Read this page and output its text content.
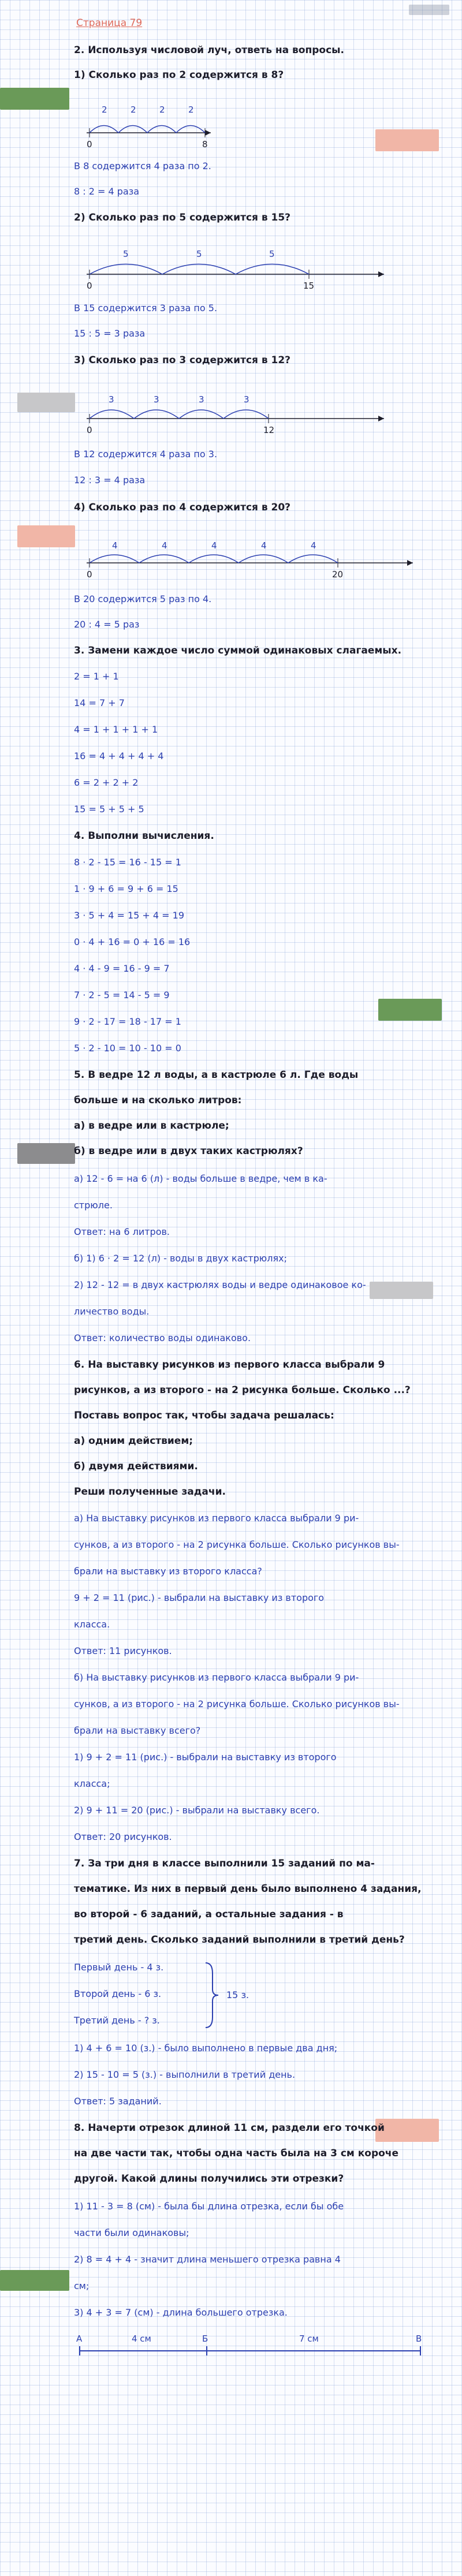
Страница 79
2. Используя числовой луч, ответь на вопросы.
1) Сколько раз по 2 содержится в 8?
2	2	2	2
0	8
В 8 содержится 4 раза по 2.
8 : 2 = 4 раза
2) Сколько раз по 5 содержится в 15?
5	5	5
0	15
В 15 содержится 3 раза по 5.
15 : 5 = 3 раза
3) Сколько раз по 3 содержится в 12?
3	3	3	3
0	12
В 12 содержится 4 раза по 3.
12 : 3 = 4 раза
4) Сколько раз по 4 содержится в 20?
4	4	4	4	4
0	20
В 20 содержится 5 раз по 4.
20 : 4 = 5 раз
3. Замени каждое число суммой одинаковых слагаемых.
2 = 1 + 1
14 = 7 + 7
4 = 1 + 1 + 1 + 1
16 = 4 + 4 + 4 + 4
6 = 2 + 2 + 2
15 = 5 + 5 + 5
4. Выполни вычисления.
8 · 2 - 15 = 16 - 15 = 1
1 · 9 + 6 = 9 + 6 = 15
3 · 5 + 4 = 15 + 4 = 19
0 · 4 + 16 = 0 + 16 = 16
4 · 4 - 9 = 16 - 9 = 7
7 · 2 - 5 = 14 - 5 = 9
9 · 2 - 17 = 18 - 17 = 1
5 · 2 - 10 = 10 - 10 = 0
5. В ведре 12 л воды, а в кастрюле 6 л. Где воды
больше и на сколько литров:
а) в ведре или в кастрюле;
б) в ведре или в двух таких кастрюлях?
а) 12 - 6 = на 6 (л) - воды больше в ведре, чем в ка-
стрюле.
Ответ: на 6 литров.
б) 1) 6 · 2 = 12 (л) - воды в двух кастрюлях;
2) 12 - 12 = в двух кастрюлях воды и ведре одинаковое ко-
личество воды.
Ответ: количество воды одинаково.
6. На выставку рисунков из первого класса выбрали 9
рисунков, а из второго - на 2 рисунка больше. Сколько ...?
Поставь вопрос так, чтобы задача решалась:
а) одним действием;
б) двумя действиями.
Реши полученные задачи.
а) На выставку рисунков из первого класса выбрали 9 ри-
сунков, а из второго - на 2 рисунка больше. Сколько рисунков вы-
брали на выставку из второго класса?
9 + 2 = 11 (рис.) - выбрали на выставку из второго
класса.
Ответ: 11 рисунков.
б) На выставку рисунков из первого класса выбрали 9 ри-
сунков, а из второго - на 2 рисунка больше. Сколько рисунков вы-
брали на выставку всего?
1) 9 + 2 = 11 (рис.) - выбрали на выставку из второго
класса;
2) 9 + 11 = 20 (рис.) - выбрали на выставку всего.
Ответ: 20 рисунков.
7. За три дня в классе выполнили 15 заданий по ма-
тематике. Из них в первый день было выполнено 4 задания,
во второй - 6 заданий, а остальные задания - в
третий день. Сколько заданий выполнили в третий день?
Первый день - 4 з.
Второй день - 6 з.
Третий день - ? з.
15 з.
1) 4 + 6 = 10 (з.) - было выполнено в первые два дня;
2) 15 - 10 = 5 (з.) - выполнили в третий день.
Ответ: 5 заданий.
8. Начерти отрезок длиной 11 см, раздели его точкой
на две части так, чтобы одна часть была на 3 см короче
другой. Какой длины получились эти отрезки?
1) 11 - 3 = 8 (см) - была бы длина отрезка, если бы обе
части были одинаковы;
2) 8 = 4 + 4 - значит длина меньшего отрезка равна 4
см;
3) 4 + 3 = 7 (см) - длина большего отрезка.
А	4 см	Б	7 см	В
